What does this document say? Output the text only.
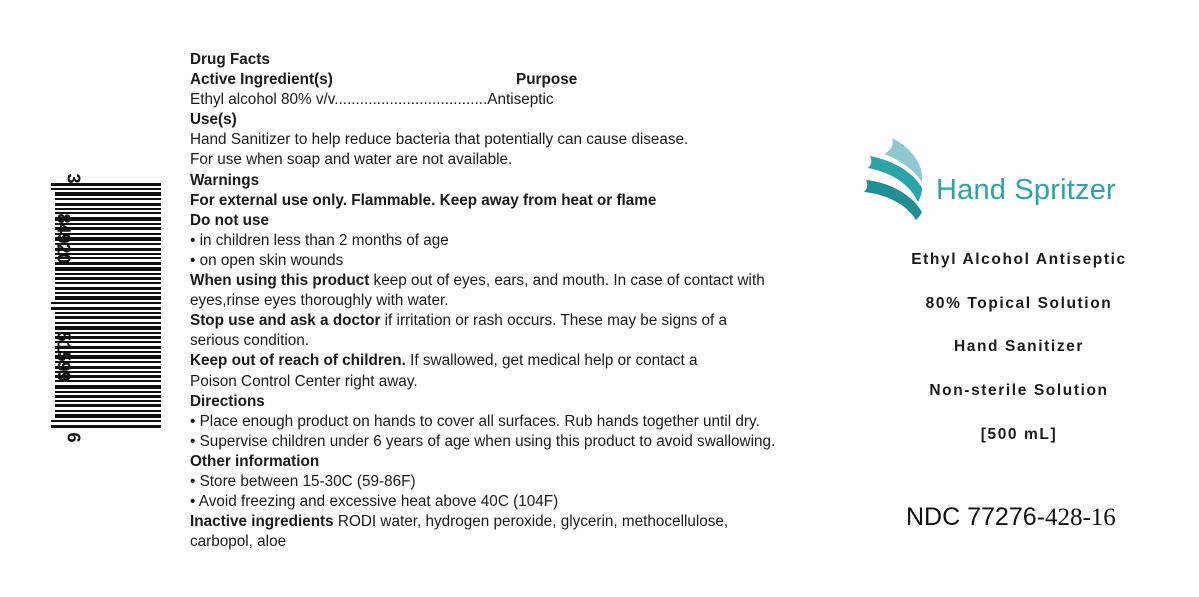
3
84920
51599
6
Drug Facts
Active Ingredient(s)	Purpose
Ethyl alcohol 80% v/v....................................Antiseptic
Use(s)
Hand Sanitizer to help reduce bacteria that potentially can cause disease.
For use when soap and water are not available.
Warnings
For external use only. Flammable. Keep away from heat or flame
Do not use
• in children less than 2 months of age
• on open skin wounds
When using this product keep out of eyes, ears, and mouth. In case of contact with
eyes,rinse eyes thoroughly with water.
Stop use and ask a doctor if irritation or rash occurs. These may be signs of a
serious condition.
Keep out of reach of children. If swallowed, get medical help or contact a
Poison Control Center right away.
Directions
• Place enough product on hands to cover all surfaces. Rub hands together until dry.
• Supervise children under 6 years of age when using this product to avoid swallowing.
Other information
• Store between 15-30C (59-86F)
• Avoid freezing and excessive heat above 40C (104F)
Inactive ingredients RODI water, hydrogen peroxide, glycerin, methocellulose,
carbopol, aloe
Hand Spritzer
Ethyl Alcohol Antiseptic
80% Topical Solution
Hand Sanitizer
Non-sterile Solution
[500 mL]
NDC 77276-428-16
